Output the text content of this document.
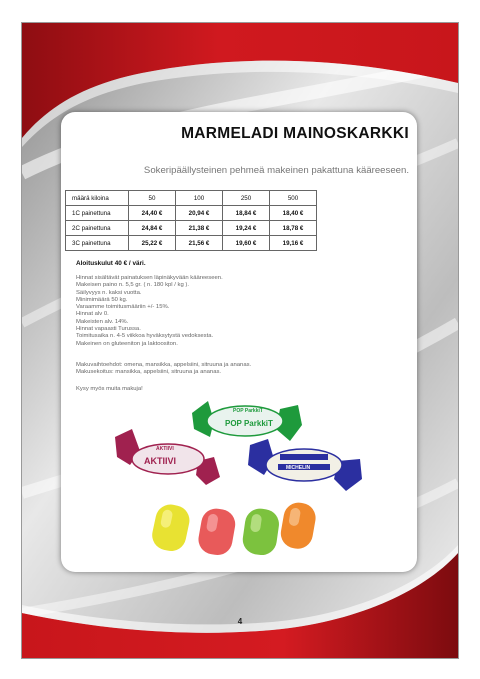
MARMELADI MAINOSKARKKI
Sokeripäällysteinen pehmeä makeinen pakattuna kääreeseen.
määrä kiloina	50	100	250	500
1C painettuna	24,40 €	20,94 €	18,84 €	18,40 €
2C painettuna	24,84 €	21,38 €	19,24 €	18,78 €
3C painettuna	25,22 €	21,56 €	19,60 €	19,16 €
Aloituskulut 40 € / väri.
Hinnat sisältävät painatuksen läpinäkyvään kääreeseen.
Makeisen paino n. 5,5 gr. ( n. 180 kpl / kg ).
Säilyvyys n. kaksi vuotta.
Minimimäärä 50 kg.
Varaamme toimitusmääriin +/- 15%.
Hinnat alv 0.
Makeisten alv. 14%.
Hinnat vapaasti Turussa.
Toimitusaika n. 4-5 viikkoa hyväksytystä vedoksesta.
Makeinen on gluteeniton ja laktoositon.
Makuvaihtoehdot: omena, mansikka, appelsiini, sitruuna ja ananas.
Makusekoitus: mansikka, appelsiini, sitruuna ja ananas.
Kysy myös muita makuja!
POP ParkkiT
POP ParkkiT
AKTIIVI
AKTIIVI
MICHELIN
4
